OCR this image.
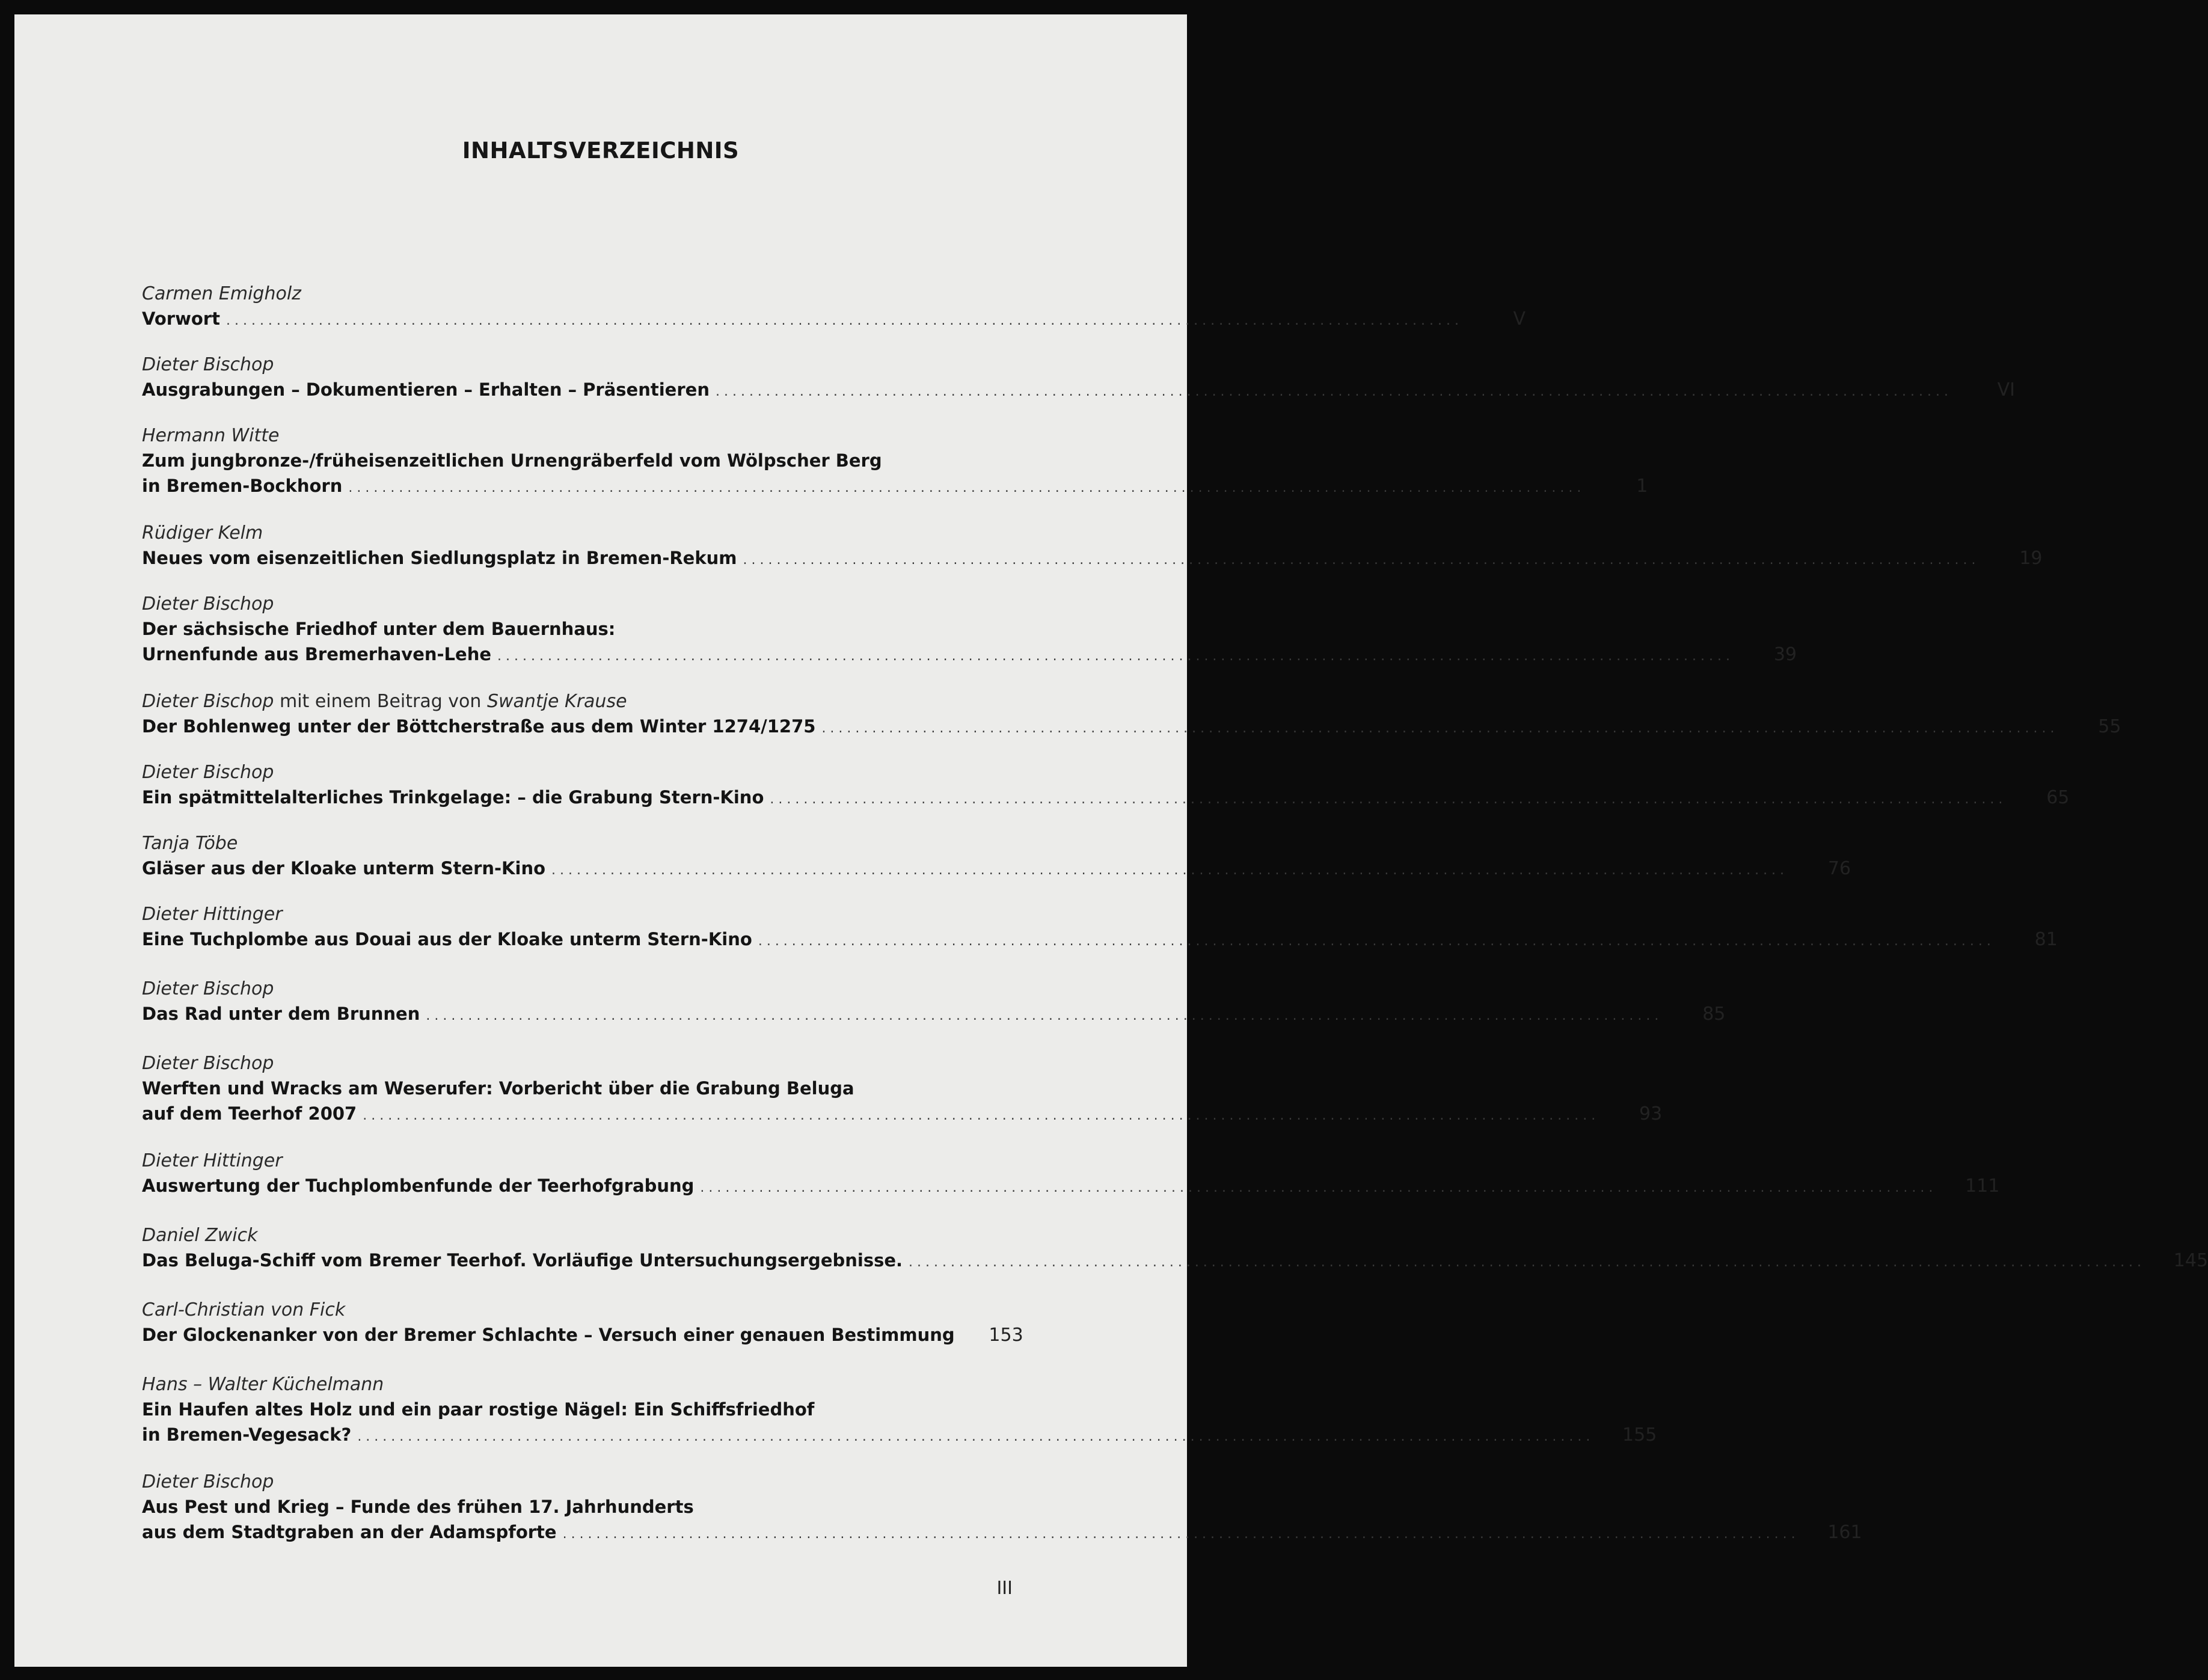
INHALTSVERZEICHNIS
Carmen Emigholz
Vorwort ...................................................................................................................................................	V
Dieter Bischop
Ausgrabungen – Dokumentieren – Erhalten – Präsentieren ...................................................................................................................................................	VI
Hermann Witte
Zum jungbronze-/früheisenzeitlichen Urnengräberfeld vom Wölpscher Berg
in Bremen-Bockhorn ...................................................................................................................................................	1
Rüdiger Kelm
Neues vom eisenzeitlichen Siedlungsplatz in Bremen-Rekum ...................................................................................................................................................	19
Dieter Bischop
Der sächsische Friedhof unter dem Bauernhaus:
Urnenfunde aus Bremerhaven-Lehe ...................................................................................................................................................	39
Dieter Bischop mit einem Beitrag von Swantje Krause
Der Bohlenweg unter der Böttcherstraße aus dem Winter 1274/1275 ...................................................................................................................................................	55
Dieter Bischop
Ein spätmittelalterliches Trinkgelage: – die Grabung Stern-Kino ...................................................................................................................................................	65
Tanja Töbe
Gläser aus der Kloake unterm Stern-Kino ...................................................................................................................................................	76
Dieter Hittinger
Eine Tuchplombe aus Douai aus der Kloake unterm Stern-Kino ...................................................................................................................................................	81
Dieter Bischop
Das Rad unter dem Brunnen ...................................................................................................................................................	85
Dieter Bischop
Werften und Wracks am Weserufer: Vorbericht über die Grabung Beluga
auf dem Teerhof 2007 ...................................................................................................................................................	93
Dieter Hittinger
Auswertung der Tuchplombenfunde der Teerhofgrabung ...................................................................................................................................................	111
Daniel Zwick
Das Beluga-Schiff vom Bremer Teerhof. Vorläufige Untersuchungsergebnisse. ...................................................................................................................................................	145
Carl-Christian von Fick
Der Glockenanker von der Bremer Schlachte – Versuch einer genauen Bestimmung	153
Hans – Walter Küchelmann
Ein Haufen altes Holz und ein paar rostige Nägel: Ein Schiffsfriedhof
in Bremen-Vegesack? ...................................................................................................................................................	155
Dieter Bischop
Aus Pest und Krieg – Funde des frühen 17. Jahrhunderts
aus dem Stadtgraben an der Adamspforte ...................................................................................................................................................	161
III
